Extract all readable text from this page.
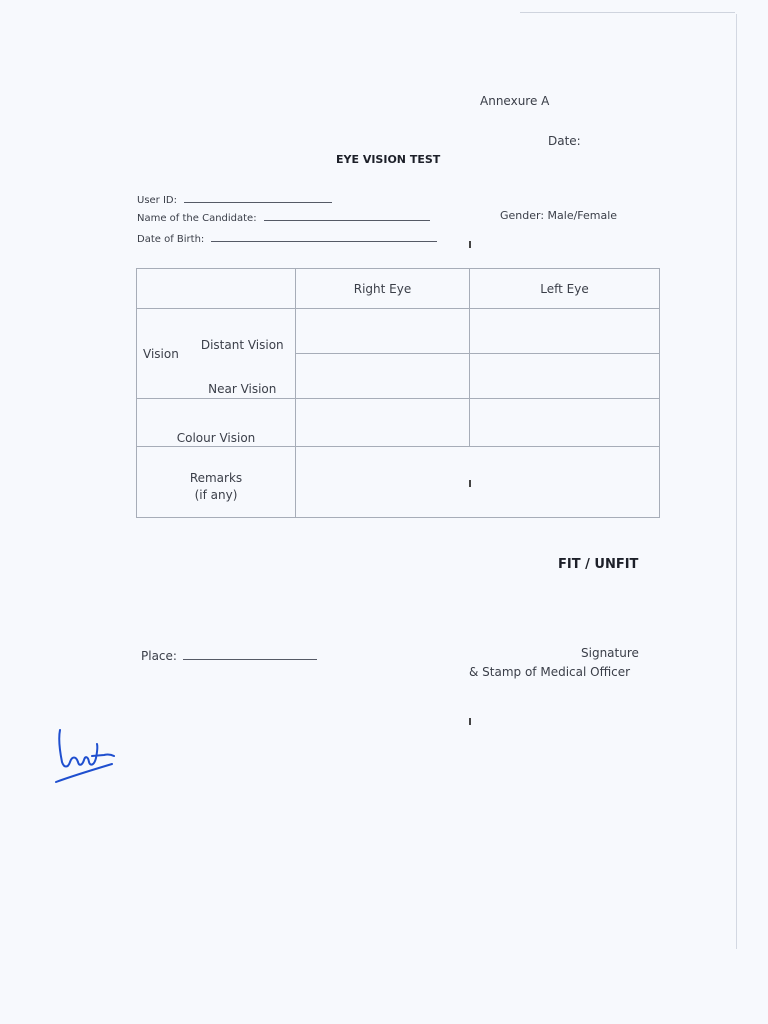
Annexure A
Date:
EYE VISION TEST
User ID:
Name of the Candidate:
Date of Birth:
Gender: Male/Female
		Right Eye	Left Eye
Vision	Distant Vision		
	Near Vision		
Colour Vision			

Remarks
(if any)			

FIT / UNFIT
Place:	Signature
& Stamp of Medical Officer
